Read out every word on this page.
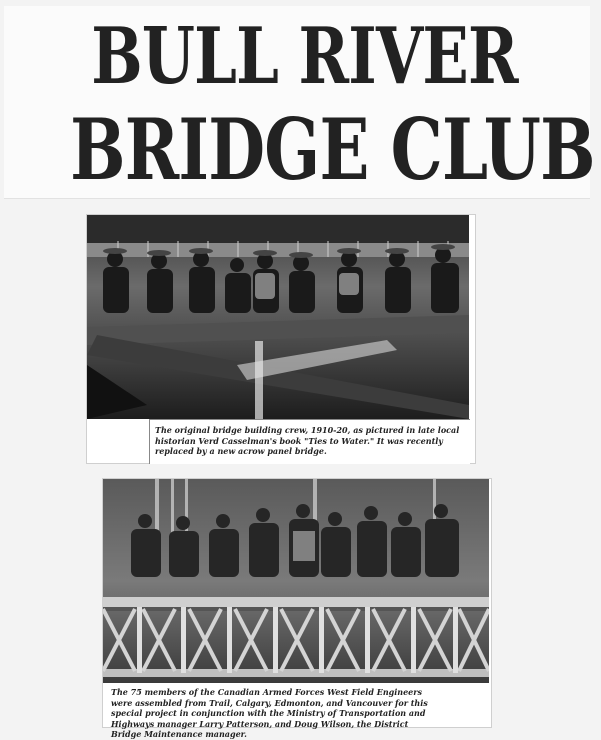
BULL RIVER
BRIDGE CLUB

The original bridge building crew, 1910-20, as pictured in late local historian Verd Casselman's book "Ties to Water." It was recently replaced by a new acrow panel bridge.

The 75 members of the Canadian Armed Forces West Field Engineers were assembled from Trail, Calgary, Edmonton, and Vancouver for this special project in conjunction with the Ministry of Transportation and Highways manager Larry Patterson, and Doug Wilson, the District Bridge Maintenance manager.
